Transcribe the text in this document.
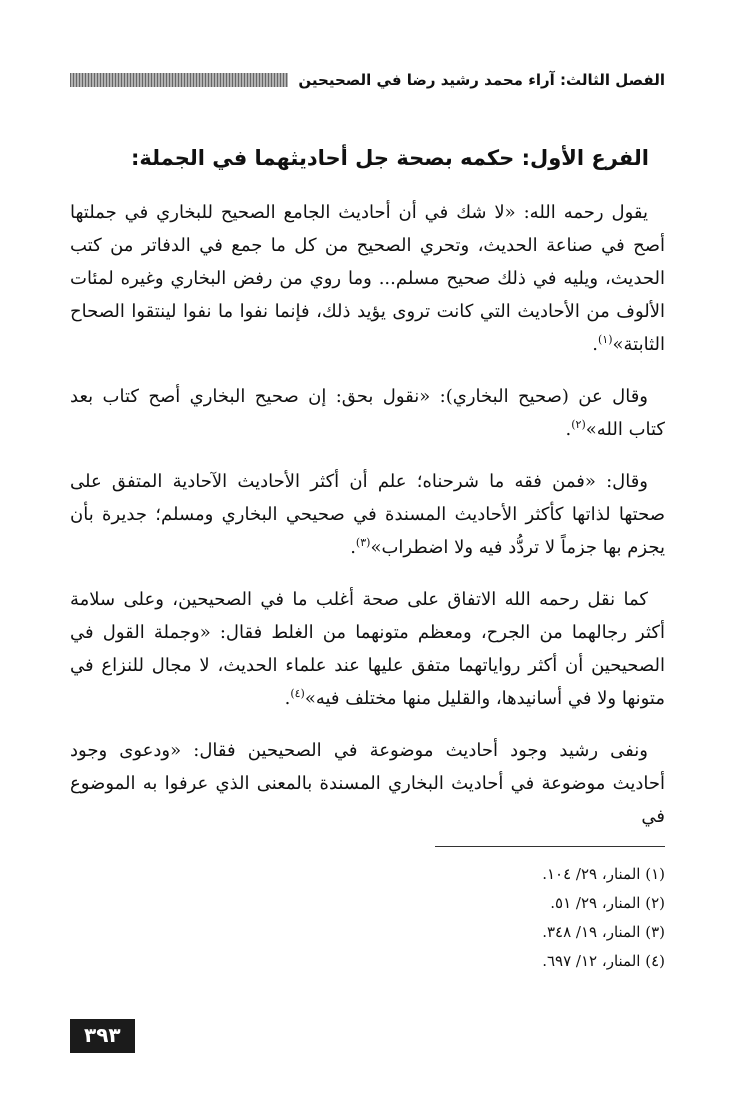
الفصل الثالث: آراء محمد رشيد رضا في الصحيحين
الفرع الأول: حكمه بصحة جل أحاديثهما في الجملة:

يقول رحمه الله: «لا شك في أن أحاديث الجامع الصحيح للبخاري في جملتها أصح في صناعة الحديث، وتحري الصحيح من كل ما جمع في الدفاتر من كتب الحديث، ويليه في ذلك صحيح مسلم... وما روي من رفض البخاري وغيره لمئات الألوف من الأحاديث التي كانت تروى يؤيد ذلك، فإنما نفوا ما نفوا لينتقوا الصحاح الثابتة»$^{(١)}$.

وقال عن (صحيح البخاري): «نقول بحق: إن صحيح البخاري أصح كتاب بعد كتاب الله»$^{(٢)}$.

وقال: «فمن فقه ما شرحناه؛ علم أن أكثر الأحاديث الآحادية المتفق على صحتها لذاتها كأكثر الأحاديث المسندة في صحيحي البخاري ومسلم؛ جديرة بأن يجزم بها جزماً لا تردُّد فيه ولا اضطراب»$^{(٣)}$.

كما نقل رحمه الله الاتفاق على صحة أغلب ما في الصحيحين، وعلى سلامة أكثر رجالهما من الجرح، ومعظم متونهما من الغلط فقال: «وجملة القول في الصحيحين أن أكثر رواياتهما متفق عليها عند علماء الحديث، لا مجال للنزاع في متونها ولا في أسانيدها، والقليل منها مختلف فيه»$^{(٤)}$.

ونفى رشيد وجود أحاديث موضوعة في الصحيحين فقال: «ودعوى وجود أحاديث موضوعة في أحاديث البخاري المسندة بالمعنى الذي عرفوا به الموضوع في

(١) المنار، ٢٩/ ١٠٤.
(٢) المنار، ٢٩/ ٥١.
(٣) المنار، ١٩/ ٣٤٨.
(٤) المنار، ١٢/ ٦٩٧.
٣٩٣
